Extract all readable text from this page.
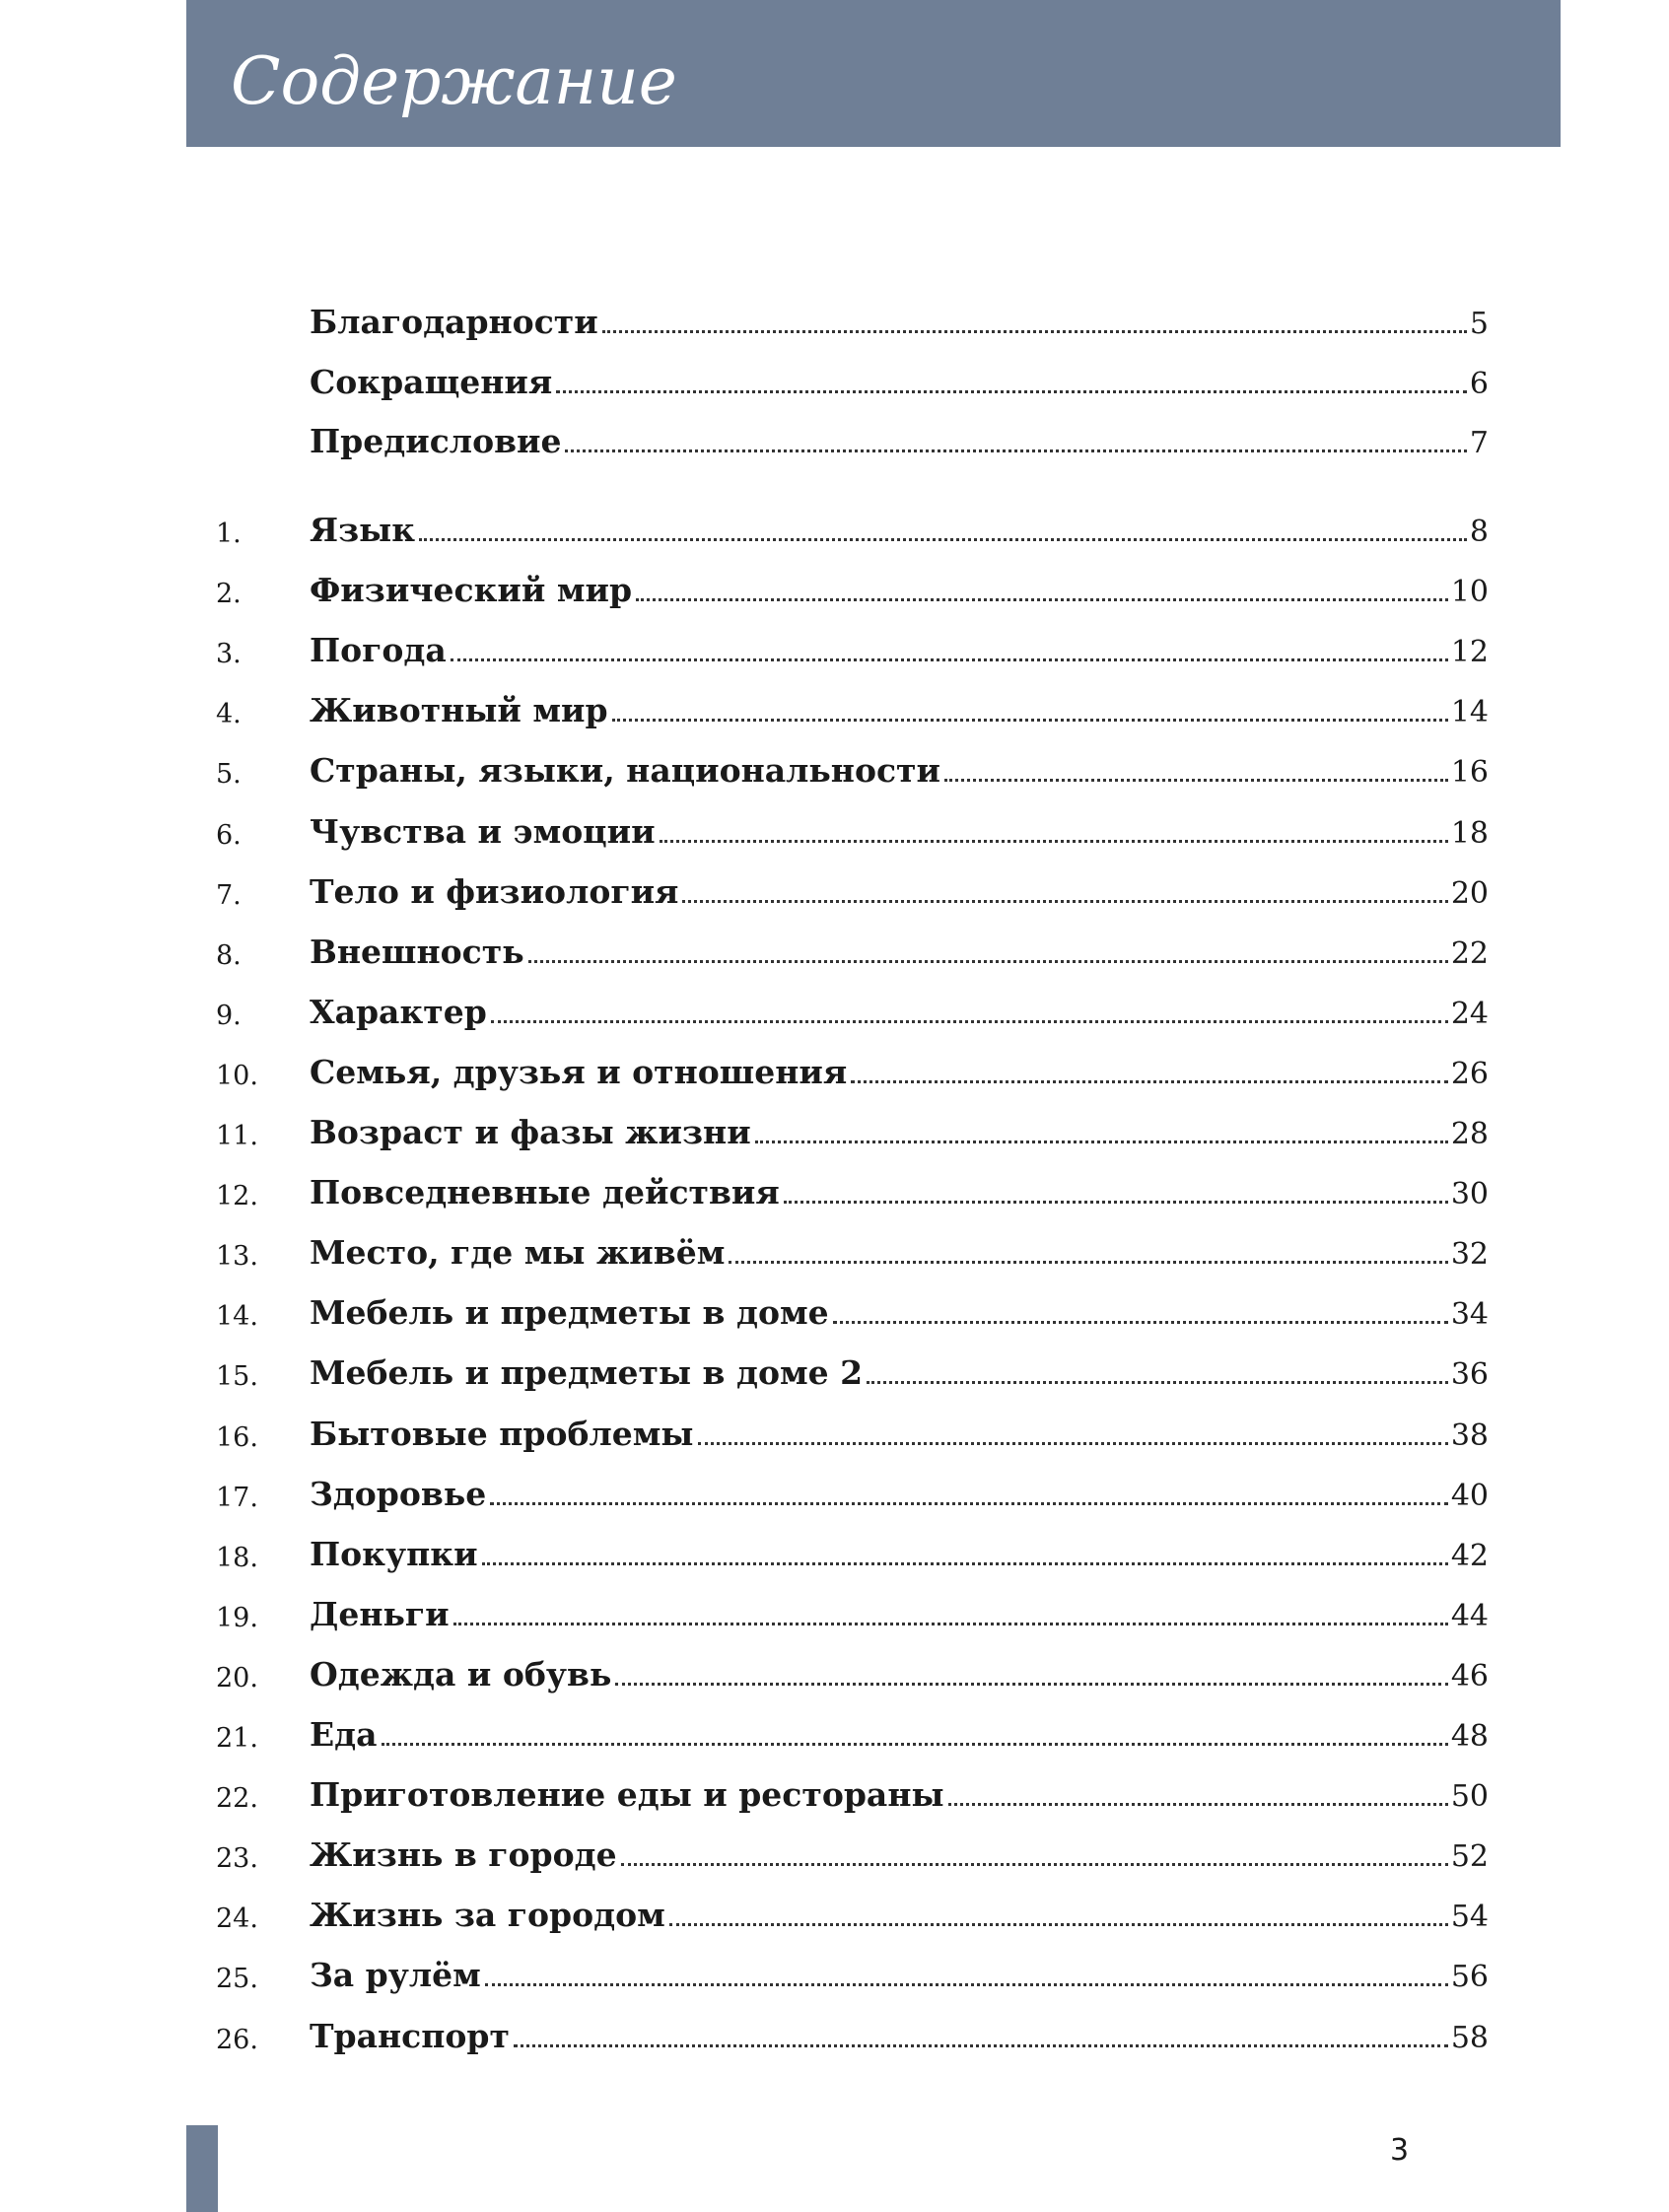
Содержание
Благодарности	5
Сокращения	6
Предисловие	7
1. Язык	8
2. Физический мир	10
3. Погода	12
4. Животный мир	14
5. Страны, языки, национальности	16
6. Чувства и эмоции	18
7. Тело и физиология	20
8. Внешность	22
9. Характер	24
10. Семья, друзья и отношения	26
11. Возраст и фазы жизни	28
12. Повседневные действия	30
13. Место, где мы живём	32
14. Мебель и предметы в доме	34
15. Мебель и предметы в доме 2	36
16. Бытовые проблемы	38
17. Здоровье	40
18. Покупки	42
19. Деньги	44
20. Одежда и обувь	46
21. Еда	48
22. Приготовление еды и рестораны	50
23. Жизнь в городе	52
24. Жизнь за городом	54
25. За рулём	56
26. Транспорт	58
3
